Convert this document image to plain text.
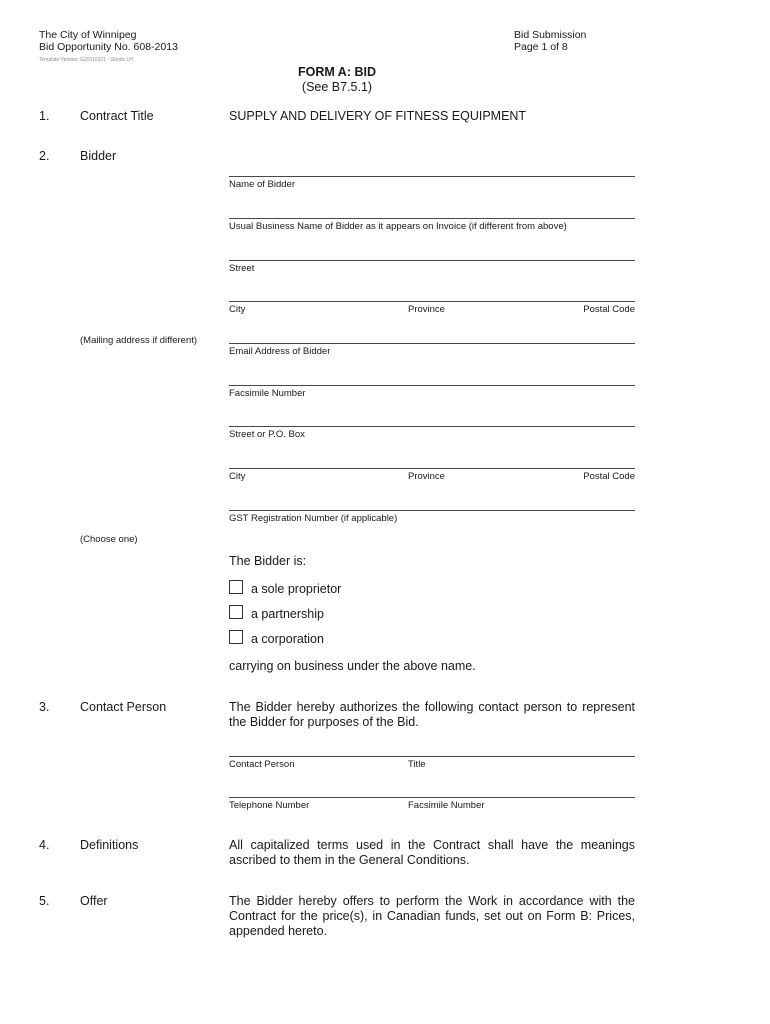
The City of Winnipeg
Bid Opportunity No. 608-2013
Template Version: G20110321 - Goods LH
Bid Submission
Page 1 of 8
FORM A: BID
(See B7.5.1)
1. Contract Title	SUPPLY AND DELIVERY OF FITNESS EQUIPMENT
2. Bidder
Name of Bidder
Usual Business Name of Bidder as it appears on Invoice (if different from above)
Street
City	Province	Postal Code
(Mailing address if different)
Email Address of Bidder
Facsimile Number
Street or P.O. Box
City	Province	Postal Code
GST Registration Number (if applicable)
(Choose one)
The Bidder is:
a sole proprietor
a partnership
a corporation
carrying on business under the above name.
3. Contact Person	The Bidder hereby authorizes the following contact person to represent the Bidder for purposes of the Bid.
Contact Person	Title
Telephone Number	Facsimile Number
4. Definitions	All capitalized terms used in the Contract shall have the meanings ascribed to them in the General Conditions.
5. Offer	The Bidder hereby offers to perform the Work in accordance with the Contract for the price(s), in Canadian funds, set out on Form B: Prices, appended hereto.
